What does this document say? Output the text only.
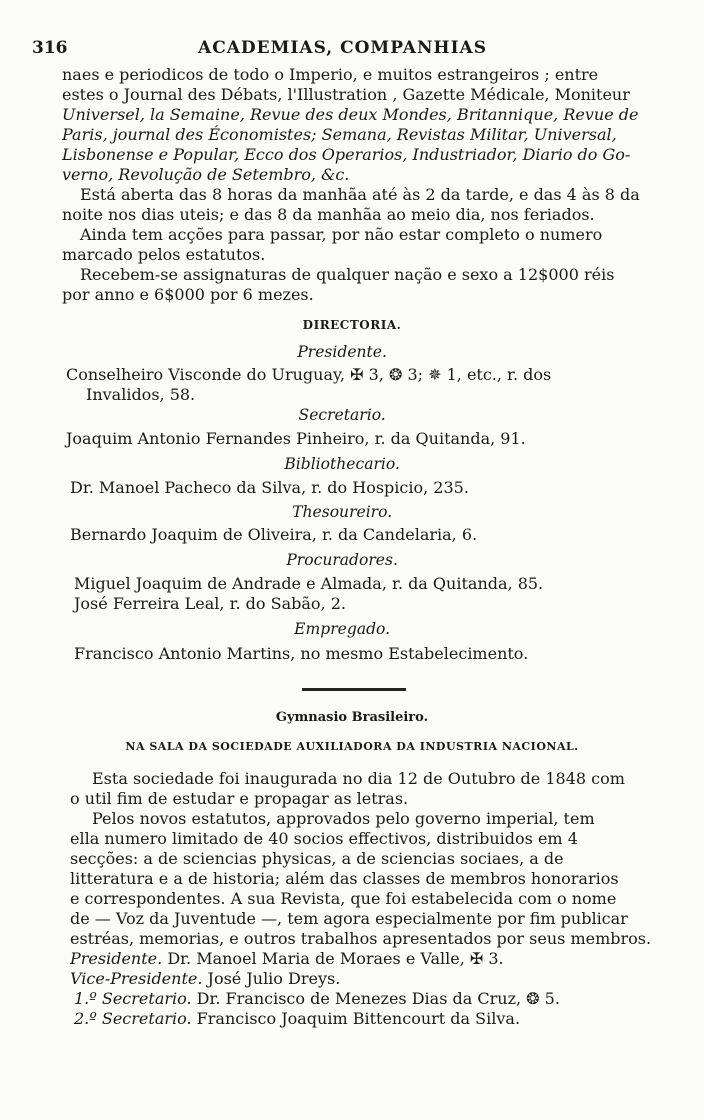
316	ACADEMIAS, COMPANHIAS
naes e periodicos de todo o Imperio, e muitos estrangeiros ; entre
estes o Journal des Débats, l'Illustration , Gazette Médicale, Moniteur
Universel, la Semaine, Revue des deux Mondes, Britannique, Revue de
Paris, journal des Économistes; Semana, Revistas Militar, Universal,
Lisbonense e Popular, Ecco dos Operarios, Industriador, Diario do Go-
verno, Revolução de Setembro, &c.
Está aberta das 8 horas da manhãa até às 2 da tarde, e das 4 às 8 da
noite nos dias uteis; e das 8 da manhãa ao meio dia, nos feriados.
Ainda tem acções para passar, por não estar completo o numero
marcado pelos estatutos.
Recebem-se assignaturas de qualquer nação e sexo a 12$000 réis
por anno e 6$000 por 6 mezes.
DIRECTORIA.
Presidente.
Conselheiro Visconde do Uruguay, ✠ 3, ❂ 3; ✵ 1, etc., r. dos
Invalidos, 58.
Secretario.
Joaquim Antonio Fernandes Pinheiro, r. da Quitanda, 91.
Bibliothecario.
Dr. Manoel Pacheco da Silva, r. do Hospicio, 235.
Thesoureiro.
Bernardo Joaquim de Oliveira, r. da Candelaria, 6.
Procuradores.
Miguel Joaquim de Andrade e Almada, r. da Quitanda, 85.
José Ferreira Leal, r. do Sabão, 2.
Empregado.
Francisco Antonio Martins, no mesmo Estabelecimento.
Gymnasio Brasileiro.
NA SALA DA SOCIEDADE AUXILIADORA DA INDUSTRIA NACIONAL.
Esta sociedade foi inaugurada no dia 12 de Outubro de 1848 com
o util fim de estudar e propagar as letras.
Pelos novos estatutos, approvados pelo governo imperial, tem
ella numero limitado de 40 socios effectivos, distribuidos em 4
secções: a de sciencias physicas, a de sciencias sociaes, a de
litteratura e a de historia; além das classes de membros honorarios
e correspondentes. A sua Revista, que foi estabelecida com o nome
de — Voz da Juventude —, tem agora especialmente por fim publicar
estréas, memorias, e outros trabalhos apresentados por seus membros.
Presidente. Dr. Manoel Maria de Moraes e Valle, ✠ 3.
Vice-Presidente. José Julio Dreys.
1.º Secretario. Dr. Francisco de Menezes Dias da Cruz, ❂ 5.
2.º Secretario. Francisco Joaquim Bittencourt da Silva.
